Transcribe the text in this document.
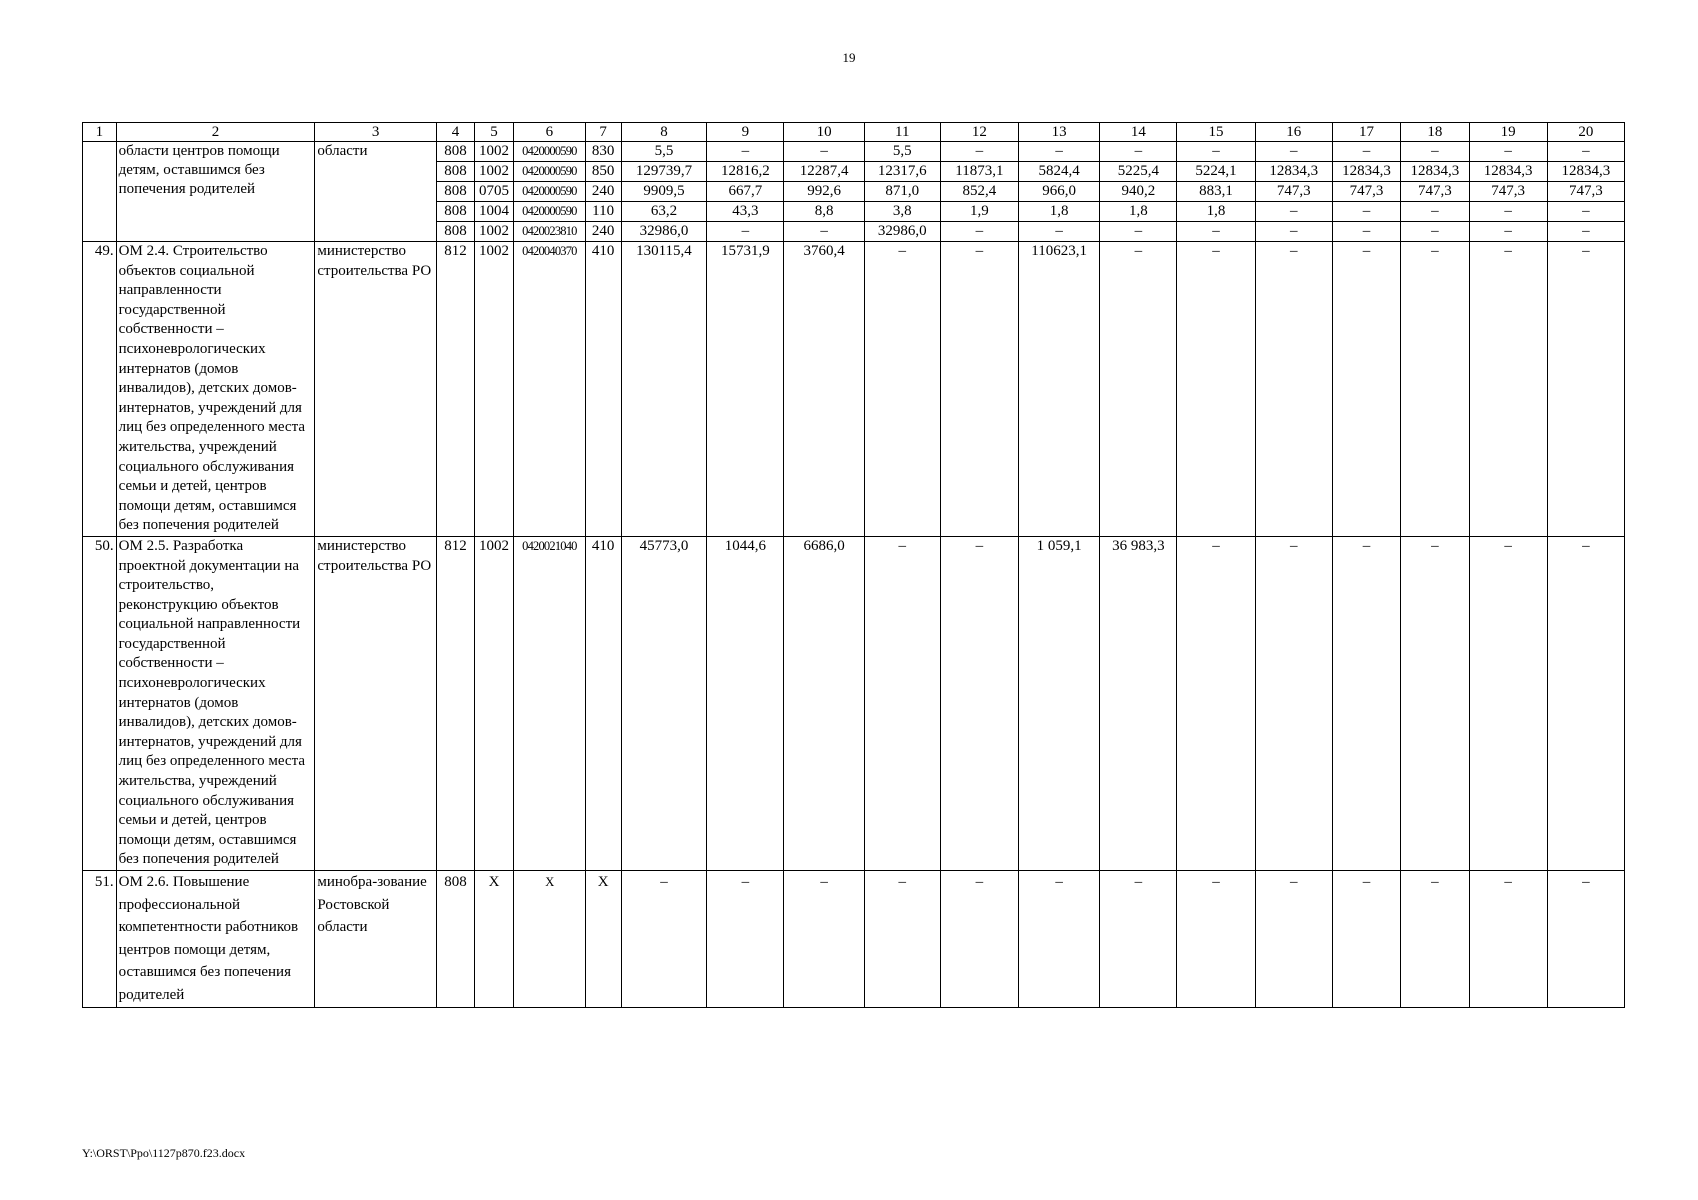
19
1	2	3	4	5	6	7	8	9	10	11	12	13	14	15	16	17	18	19	20
	области центров помощи детям, оставшимся без попечения родителей	области	808	1002	0420000590	830	5,5	–	–	5,5	–	–	–	–	–	–	–	–	–
			808	1002	0420000590	850	129739,7	12816,2	12287,4	12317,6	11873,1	5824,4	5225,4	5224,1	12834,3	12834,3	12834,3	12834,3	12834,3
			808	0705	0420000590	240	9909,5	667,7	992,6	871,0	852,4	966,0	940,2	883,1	747,3	747,3	747,3	747,3	747,3
			808	1004	0420000590	110	63,2	43,3	8,8	3,8	1,9	1,8	1,8	1,8	–	–	–	–	–
			808	1002	0420023810	240	32986,0	–	–	32986,0	–	–	–	–	–	–	–	–	–
49.	ОМ 2.4. Строительство объектов социальной направленности государственной собственности – психоневрологических интернатов (домов инвалидов), детских домов-интернатов, учреждений для лиц без определенного места жительства, учреждений социального обслуживания семьи и детей, центров помощи детям, оставшимся без попечения родителей	министерство строительства РО	812	1002	0420040370	410	130115,4	15731,9	3760,4	–	–	110623,1	–	–	–	–	–	–	–
50.	ОМ 2.5. Разработка проектной документации на строительство, реконструкцию объектов социальной направленности государственной собственности – психоневрологических интернатов (домов инвалидов), детских домов-интернатов, учреждений для лиц без определенного места жительства, учреждений социального обслуживания семьи и детей, центров помощи детям, оставшимся без попечения родителей	министерство строительства РО	812	1002	0420021040	410	45773,0	1044,6	6686,0	–	–	1 059,1	36 983,3	–	–	–	–	–	–
51.	ОМ 2.6. Повышение профессиональной компетентности работников центров помощи детям, оставшимся без попечения родителей	минобра-зование Ростовской области	808	Х	Х	Х	–	–	–	–	–	–	–	–	–	–	–	–	–
Y:\ORST\Ppo\1127p870.f23.docx
